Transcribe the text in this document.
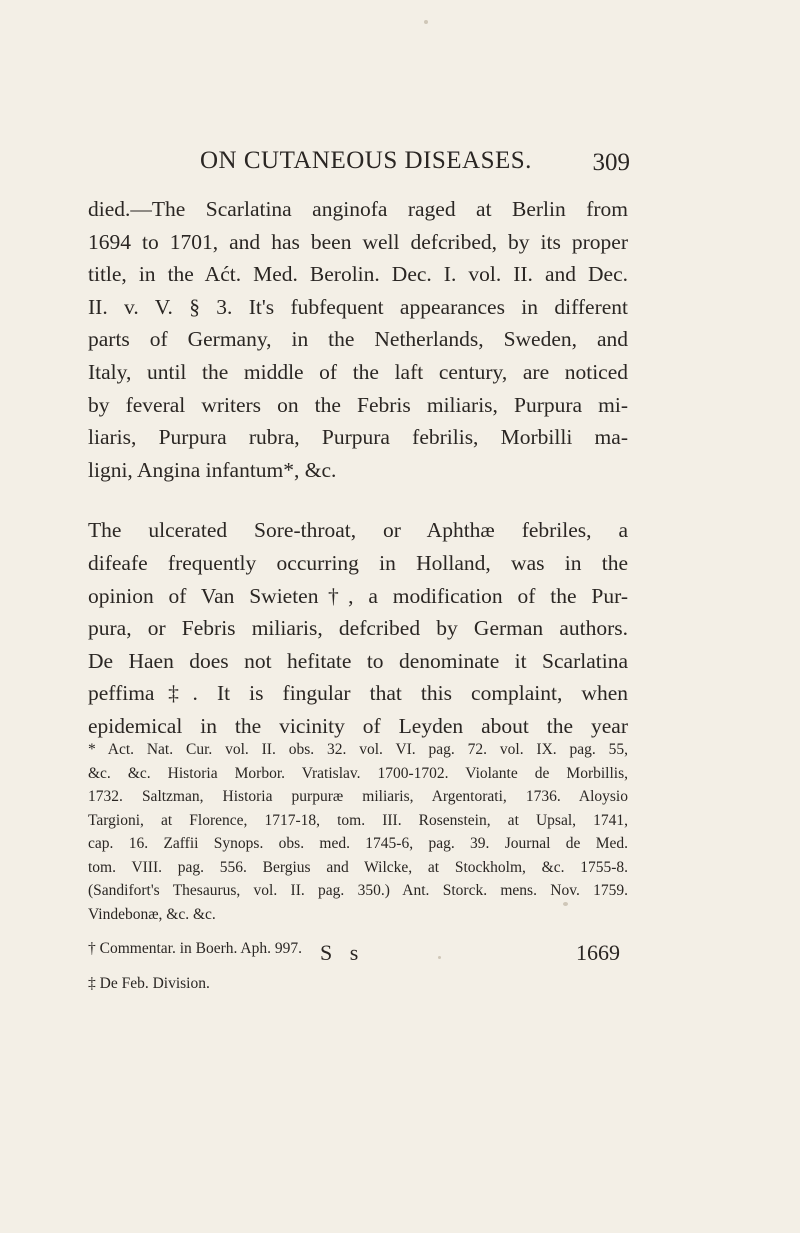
ON CUTANEOUS DISEASES. 309

died.—The Scarlatina anginofa raged at Berlin from
1694 to 1701, and has been well defcribed, by its proper
title, in the Aćt. Med. Berolin. Dec. I. vol. II. and Dec.
II. v. V. § 3. It's fubfequent appearances in different
parts of Germany, in the Netherlands, Sweden, and
Italy, until the middle of the laft century, are noticed
by feveral writers on the Febris miliaris, Purpura mi-
liaris, Purpura rubra, Purpura febrilis, Morbilli ma-
ligni, Angina infantum*, &c.

The ulcerated Sore-throat, or Aphthæ febriles, a
difeafe frequently occurring in Holland, was in the
opinion of Van Swieten†, a modification of the Pur-
pura, or Febris miliaris, defcribed by German authors.
De Haen does not hefitate to denominate it Scarlatina
peffima‡. It is fingular that this complaint, when
epidemical in the vicinity of Leyden about the year

* Act. Nat. Cur. vol. II. obs. 32. vol. VI. pag. 72. vol. IX. pag. 55,
&c. &c. Historia Morbor. Vratislav. 1700-1702. Violante de Morbillis,
1732. Saltzman, Historia purpuræ miliaris, Argentorati, 1736. Aloysio
Targioni, at Florence, 1717-18, tom. III. Rosenstein, at Upsal, 1741,
cap. 16. Zaffii Synops. obs. med. 1745-6, pag. 39. Journal de Med.
tom. VIII. pag. 556. Bergius and Wilcke, at Stockholm, &c. 1755-8.
(Sandifort's Thesaurus, vol. II. pag. 350.) Ant. Storck. mens. Nov. 1759.
Vindebonæ, &c. &c.
† Commentar. in Boerh. Aph. 997.
‡ De Feb. Division.
S s	1669
